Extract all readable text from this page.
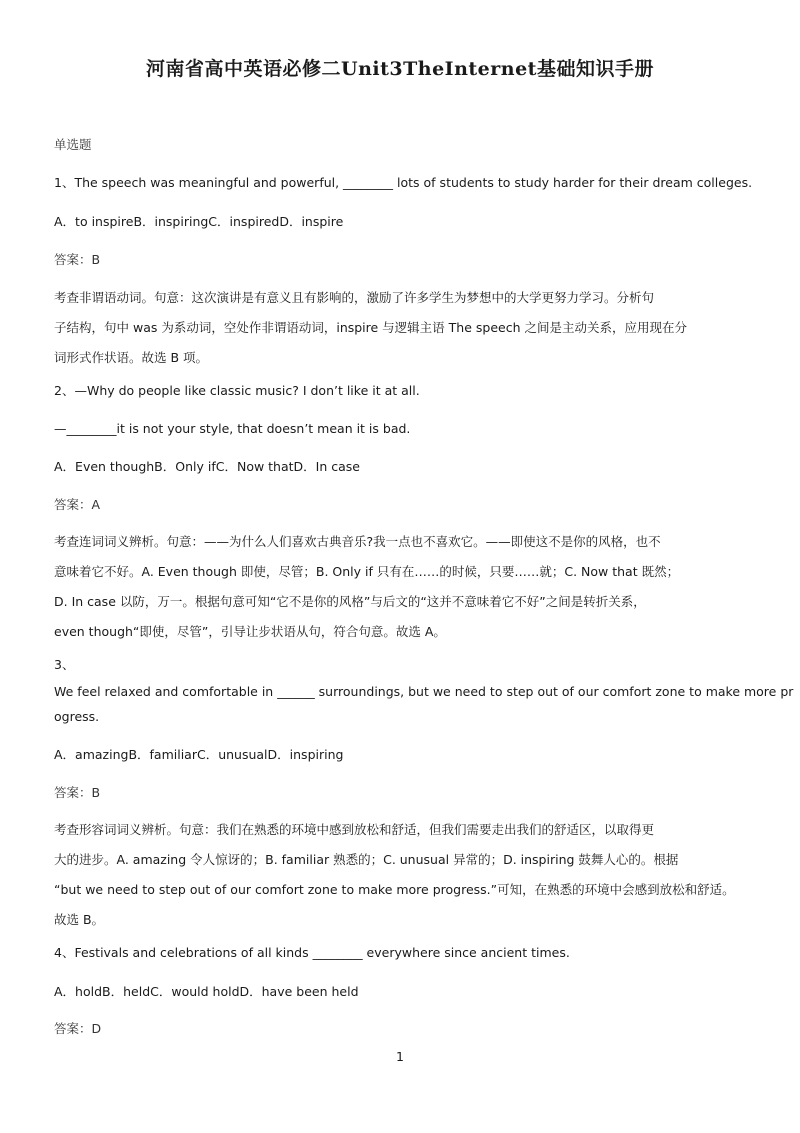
河南省高中英语必修二Unit3TheInternet基础知识手册
单选题
1、The speech was meaningful and powerful, ________ lots of students to study harder for their dream colleges.
A．to inspireB．inspiringC．inspiredD．inspire
答案：B
考查非谓语动词。句意：这次演讲是有意义且有影响的，激励了许多学生为梦想中的大学更努力学习。分析句
子结构，句中 was 为系动词，空处作非谓语动词，inspire 与逻辑主语 The speech 之间是主动关系，应用现在分
词形式作状语。故选 B 项。
2、—Why do people like classic music? I don’t like it at all.
—________it is not your style, that doesn’t mean it is bad.
A．Even thoughB．Only ifC．Now thatD．In case
答案：A
考查连词词义辨析。句意：——为什么人们喜欢古典音乐?我一点也不喜欢它。——即使这不是你的风格，也不
意味着它不好。A. Even though 即使，尽管；B. Only if 只有在……的时候，只要……就；C. Now that 既然；
D. In case 以防，万一。根据句意可知“它不是你的风格”与后文的“这并不意味着它不好”之间是转折关系，
even though“即使，尽管”，引导让步状语从句，符合句意。故选 A。
3、
We feel relaxed and comfortable in ______ surroundings, but we need to step out of our comfort zone to make more pr
ogress.
A．amazingB．familiarC．unusualD．inspiring
答案：B
考查形容词词义辨析。句意：我们在熟悉的环境中感到放松和舒适，但我们需要走出我们的舒适区，以取得更
大的进步。A. amazing 令人惊讶的；B. familiar 熟悉的；C. unusual 异常的；D. inspiring 鼓舞人心的。根据
“but we need to step out of our comfort zone to make more progress.”可知，在熟悉的环境中会感到放松和舒适。
故选 B。
4、Festivals and celebrations of all kinds ________ everywhere since ancient times.
A．holdB．heldC．would holdD．have been held
答案：D
1
